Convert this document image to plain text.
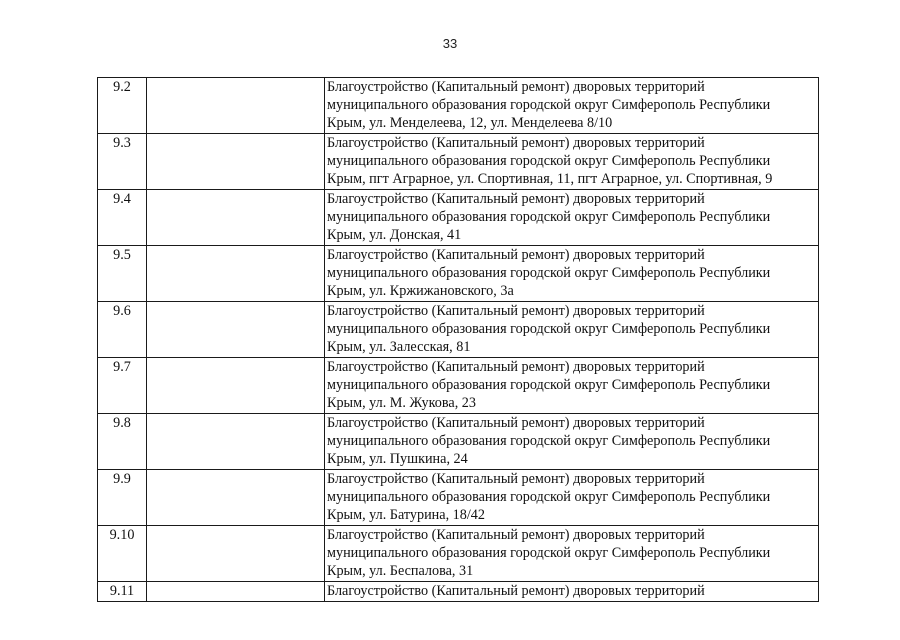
33
9.2		Благоустройство (Капитальный ремонт) дворовых территорий
муниципального образования городской округ Симферополь Республики
Крым, ул. Менделеева, 12, ул. Менделеева 8/10

9.3		Благоустройство (Капитальный ремонт) дворовых территорий
муниципального образования городской округ Симферополь Республики
Крым, пгт Аграрное, ул. Спортивная, 11, пгт Аграрное, ул. Спортивная, 9

9.4		Благоустройство (Капитальный ремонт) дворовых территорий
муниципального образования городской округ Симферополь Республики
Крым, ул. Донская, 41

9.5		Благоустройство (Капитальный ремонт) дворовых территорий
муниципального образования городской округ Симферополь Республики
Крым, ул. Кржижановского, 3а

9.6		Благоустройство (Капитальный ремонт) дворовых территорий
муниципального образования городской округ Симферополь Республики
Крым, ул. Залесская, 81

9.7		Благоустройство (Капитальный ремонт) дворовых территорий
муниципального образования городской округ Симферополь Республики
Крым, ул. М. Жукова, 23

9.8		Благоустройство (Капитальный ремонт) дворовых территорий
муниципального образования городской округ Симферополь Республики
Крым, ул. Пушкина, 24

9.9		Благоустройство (Капитальный ремонт) дворовых территорий
муниципального образования городской округ Симферополь Республики
Крым, ул. Батурина, 18/42

9.10		Благоустройство (Капитальный ремонт) дворовых территорий
муниципального образования городской округ Симферополь Республики
Крым, ул. Беспалова, 31

9.11		Благоустройство (Капитальный ремонт) дворовых территорий
